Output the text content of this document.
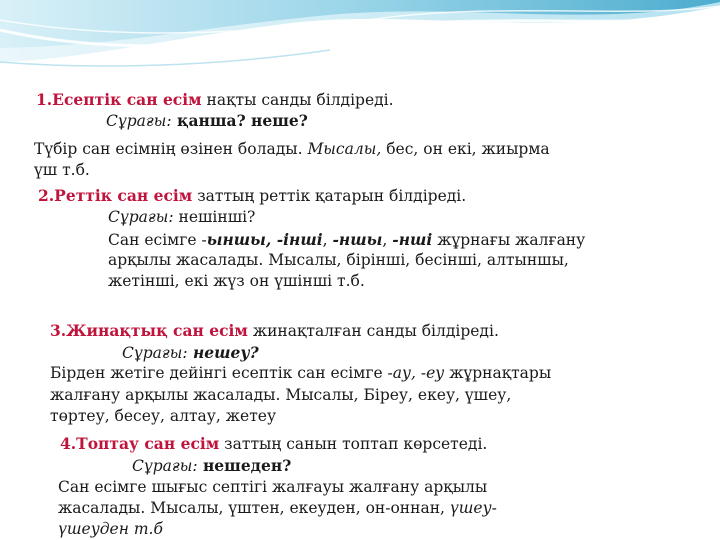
1.Есептік сан есім нақты санды білдіреді.
Сұрағы: қанша? неше?
Түбір сан есімнің өзінен болады. Мысалы, бес, он екі, жиырма
үш т.б.
2.Реттік сан есім заттың реттік қатарын білдіреді.
Сұрағы: нешінші?
Сан есімге -ыншы, -інші, -ншы, -нші жұрнағы жалғану
арқылы жасалады. Мысалы, бірінші, бесінші, алтыншы,
жетінші, екі жүз он үшінші т.б.
3.Жинақтық сан есім жинақталған санды білдіреді.
Сұрағы: нешеу?
Бірден жетіге дейінгі есептік сан есімге -ау, -еу жұрнақтары
жалғану арқылы жасалады. Мысалы, Біреу, екеу, үшеу,
төртеу, бесеу, алтау, жетеу
4.Топтау сан есім заттың санын топтап көрсетеді.
Сұрағы: нешеден?
Сан есімге шығыс септігі жалғауы жалғану арқылы
жасалады. Мысалы, үштен, екеуден, он-оннан, үшеу-
үшеуден т.б
